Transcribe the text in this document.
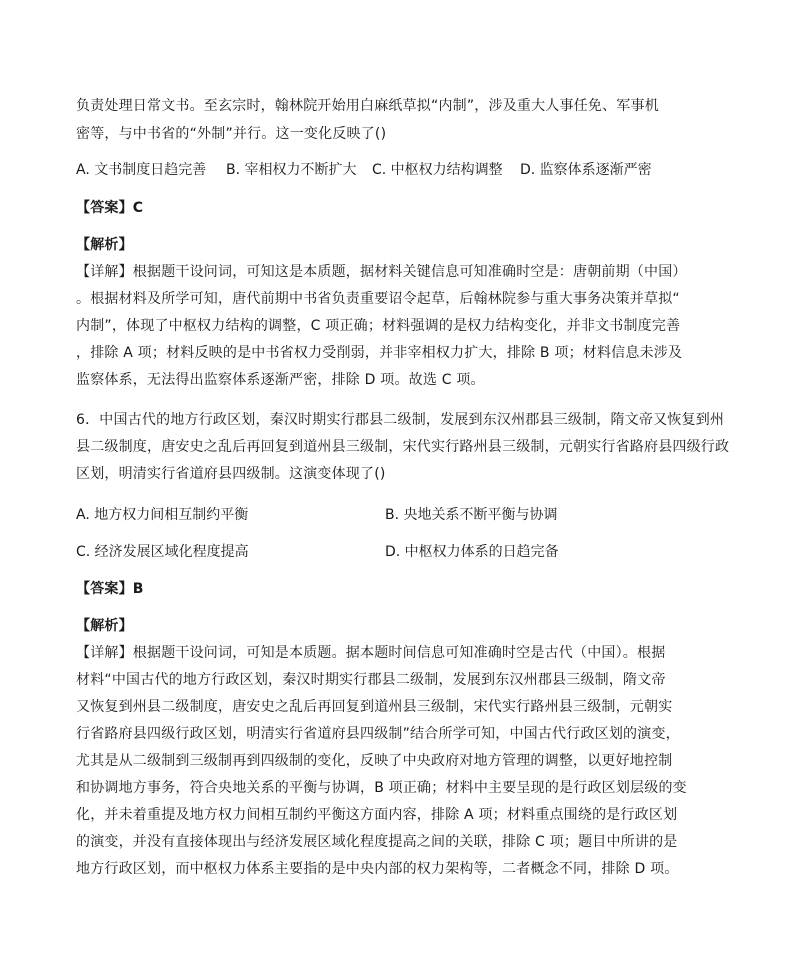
负责处理日常文书。至玄宗时，翰林院开始用白麻纸草拟“内制”，涉及重大人事任免、军事机
密等，与中书省的“外制”并行。这一变化反映了()
A. 文书制度日趋完善 B. 宰相权力不断扩大 C. 中枢权力结构调整 D. 监察体系逐渐严密
【答案】C
【解析】
【详解】根据题干设问词，可知这是本质题，据材料关键信息可知准确时空是：唐朝前期（中国）
。根据材料及所学可知，唐代前期中书省负责重要诏令起草，后翰林院参与重大事务决策并草拟“
内制”，体现了中枢权力结构的调整，C 项正确；材料强调的是权力结构变化，并非文书制度完善
，排除 A 项；材料反映的是中书省权力受削弱，并非宰相权力扩大，排除 B 项；材料信息未涉及
监察体系，无法得出监察体系逐渐严密，排除 D 项。故选 C 项。
6．中国古代的地方行政区划，秦汉时期实行郡县二级制，发展到东汉州郡县三级制，隋文帝又恢复到州
县二级制度，唐安史之乱后再回复到道州县三级制，宋代实行路州县三级制，元朝实行省路府县四级行政
区划，明清实行省道府县四级制。这演变体现了()
A. 地方权力间相互制约平衡	B. 央地关系不断平衡与协调
C. 经济发展区域化程度提高	D. 中枢权力体系的日趋完备
【答案】B
【解析】
【详解】根据题干设问词，可知是本质题。据本题时间信息可知准确时空是古代（中国）。根据
材料“中国古代的地方行政区划，秦汉时期实行郡县二级制，发展到东汉州郡县三级制，隋文帝
又恢复到州县二级制度，唐安史之乱后再回复到道州县三级制，宋代实行路州县三级制，元朝实
行省路府县四级行政区划，明清实行省道府县四级制”结合所学可知，中国古代行政区划的演变，
尤其是从二级制到三级制再到四级制的变化，反映了中央政府对地方管理的调整，以更好地控制
和协调地方事务，符合央地关系的平衡与协调，B 项正确；材料中主要呈现的是行政区划层级的变
化，并未着重提及地方权力间相互制约平衡这方面内容，排除 A 项；材料重点围绕的是行政区划
的演变，并没有直接体现出与经济发展区域化程度提高之间的关联，排除 C 项；题目中所讲的是
地方行政区划，而中枢权力体系主要指的是中央内部的权力架构等，二者概念不同，排除 D 项。
